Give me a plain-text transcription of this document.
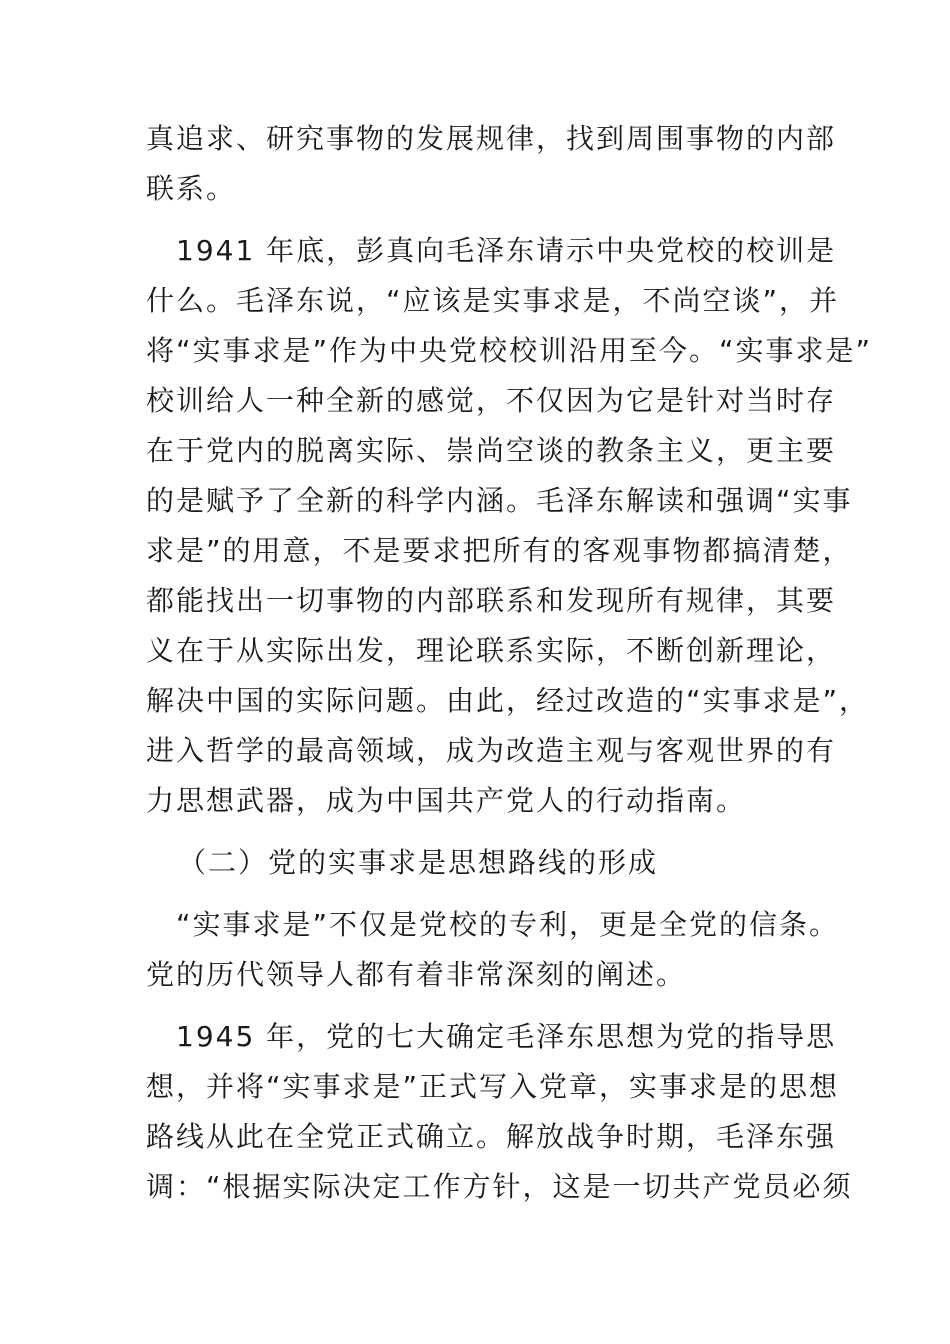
真追求、研究事物的发展规律，找到周围事物的内部
联系。

　1941 年底，彭真向毛泽东请示中央党校的校训是
什么。毛泽东说，“应该是实事求是，不尚空谈”，并
将“实事求是”作为中央党校校训沿用至今。“实事求是”
校训给人一种全新的感觉，不仅因为它是针对当时存
在于党内的脱离实际、崇尚空谈的教条主义，更主要
的是赋予了全新的科学内涵。毛泽东解读和强调“实事
求是”的用意，不是要求把所有的客观事物都搞清楚，
都能找出一切事物的内部联系和发现所有规律，其要
义在于从实际出发，理论联系实际，不断创新理论，
解决中国的实际问题。由此，经过改造的“实事求是”，
进入哲学的最高领域，成为改造主观与客观世界的有
力思想武器，成为中国共产党人的行动指南。

（二）党的实事求是思想路线的形成

　“实事求是”不仅是党校的专利，更是全党的信条。
党的历代领导人都有着非常深刻的阐述。

　1945 年，党的七大确定毛泽东思想为党的指导思
想，并将“实事求是”正式写入党章，实事求是的思想
路线从此在全党正式确立。解放战争时期，毛泽东强
调：“根据实际决定工作方针，这是一切共产党员必须
